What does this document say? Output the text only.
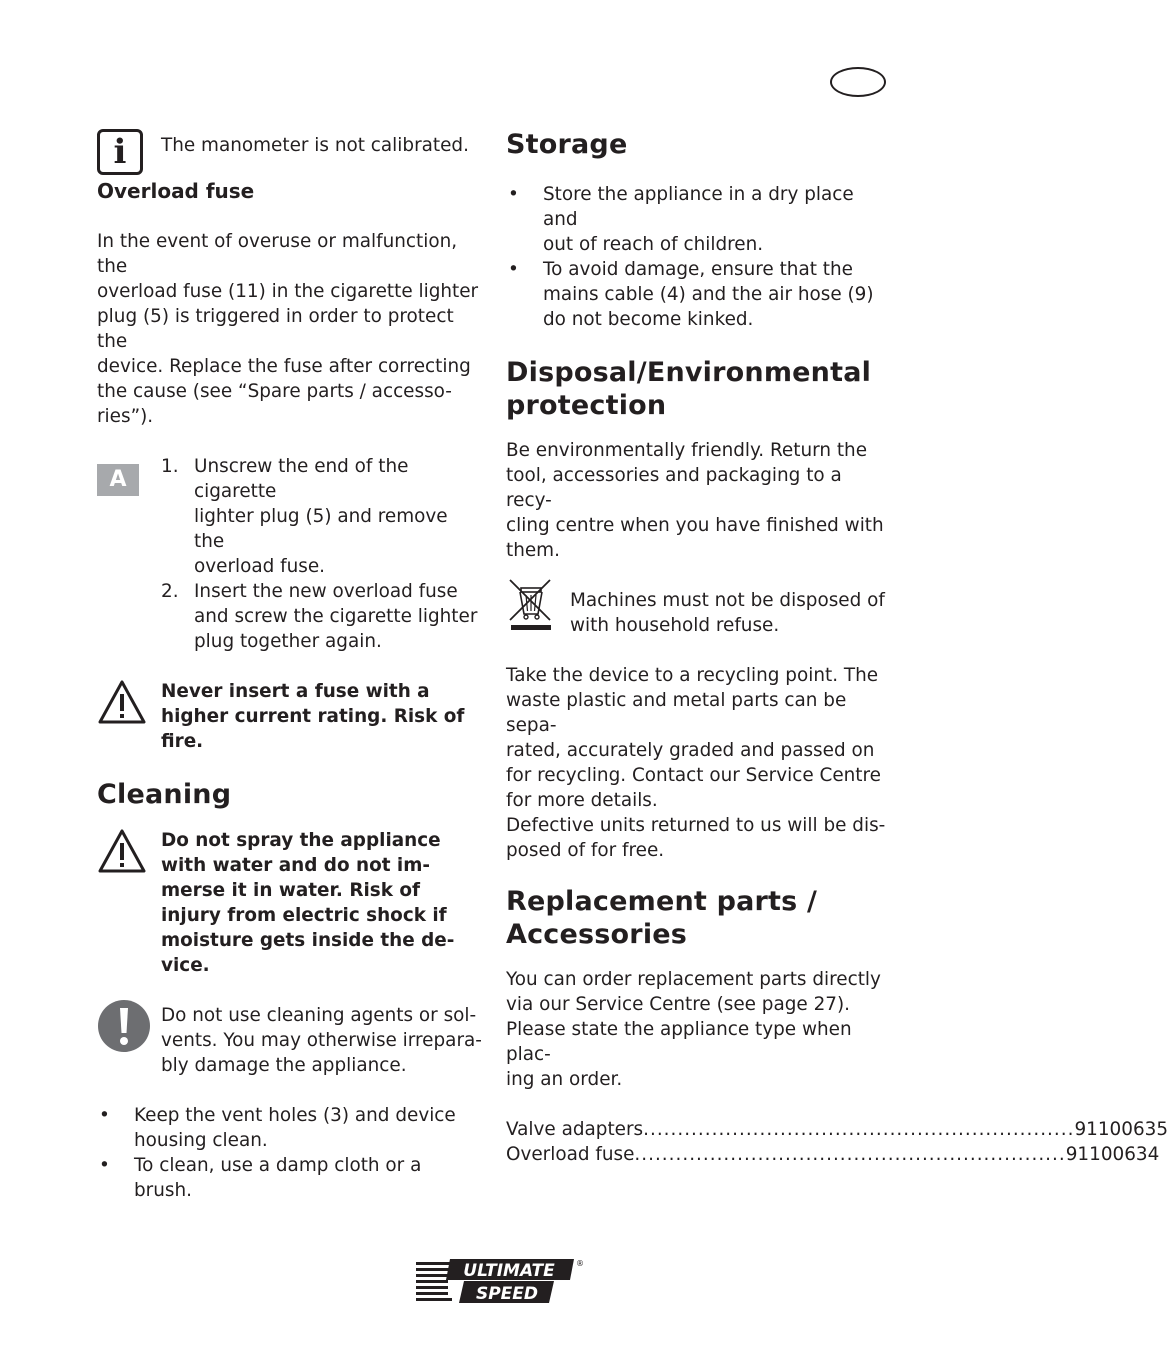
i	The manometer is not calibrated.

Overload fuse

In the event of overuse or malfunction, the

overload fuse (11) in the cigarette lighter

plug (5) is triggered in order to protect the

device. Replace the fuse after correcting

the cause (see “Spare parts / accesso-

ries”).

A
1. Unscrew the end of the cigarette
lighter plug (5) and remove the
overload fuse.
2. Insert the new overload fuse
and screw the cigarette lighter
plug together again.

Never insert a fuse with a

higher current rating. Risk of

fire.

Cleaning

Do not spray the appliance

with water and do not im-

merse it in water. Risk of

injury from electric shock if

moisture gets inside the de-

vice.

Do not use cleaning agents or sol-

vents. You may otherwise irrepara-

bly damage the appliance.

•	Keep the vent holes (3) and device
housing clean.
•	To clean, use a damp cloth or a brush.
Storage
•	Store the appliance in a dry place and
out of reach of children.
•	To avoid damage, ensure that the
mains cable (4) and the air hose (9)
do not become kinked.
Disposal/Environmental
protection

Be environmentally friendly. Return the

tool, accessories and packaging to a recy-

cling centre when you have finished with

them.

Machines must not be disposed of

with household refuse.

Take the device to a recycling point. The

waste plastic and metal parts can be sepa-

rated, accurately graded and passed on

for recycling. Contact our Service Centre

for more details.

Defective units returned to us will be dis-

posed of for free.

Replacement parts /
Accessories

You can order replacement parts directly

via our Service Centre (see page 27).

Please state the appliance type when plac-

ing an order.

Valve adapters .....	91100635
Overload fuse .....	91100634
ULTIMATE
SPEED
®
